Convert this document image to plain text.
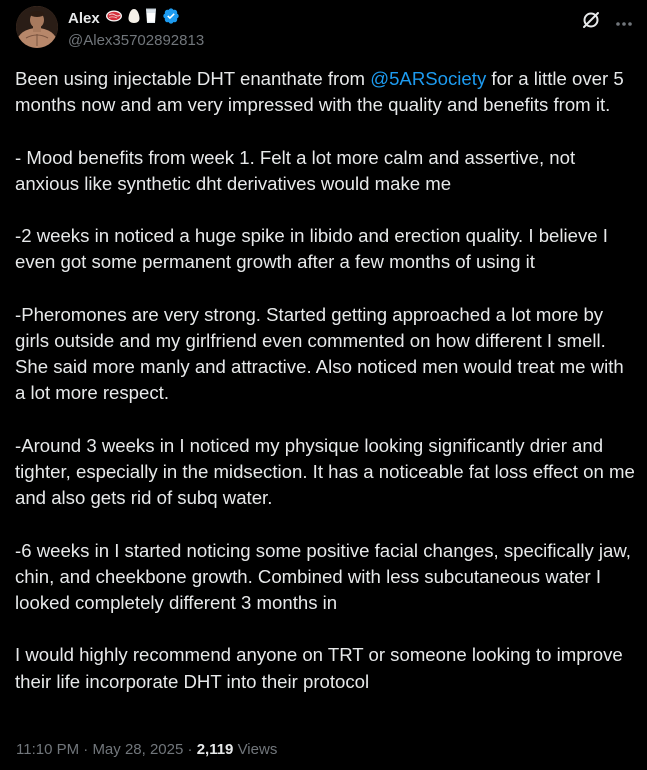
Alex
@Alex35702892813

Been using injectable DHT enanthate from @5ARSociety for a little over 5 months now and am very impressed with the quality and benefits from it.

- Mood benefits from week 1. Felt a lot more calm and assertive, not anxious like synthetic dht derivatives would make me

-2 weeks in noticed a huge spike in libido and erection quality. I believe I even got some permanent growth after a few months of using it

-Pheromones are very strong. Started getting approached a lot more by girls outside and my girlfriend even commented on how different I smell. She said more manly and attractive. Also noticed men would treat me with a lot more respect.

-Around 3 weeks in I noticed my physique looking significantly drier and tighter, especially in the midsection. It has a noticeable fat loss effect on me and also gets rid of subq water.

-6 weeks in I started noticing some positive facial changes, specifically jaw, chin, and cheekbone growth. Combined with less subcutaneous water I looked completely different 3 months in

I would highly recommend anyone on TRT or someone looking to improve their life incorporate DHT into their protocol

11:10 PM · May 28, 2025 · 2,119 Views
